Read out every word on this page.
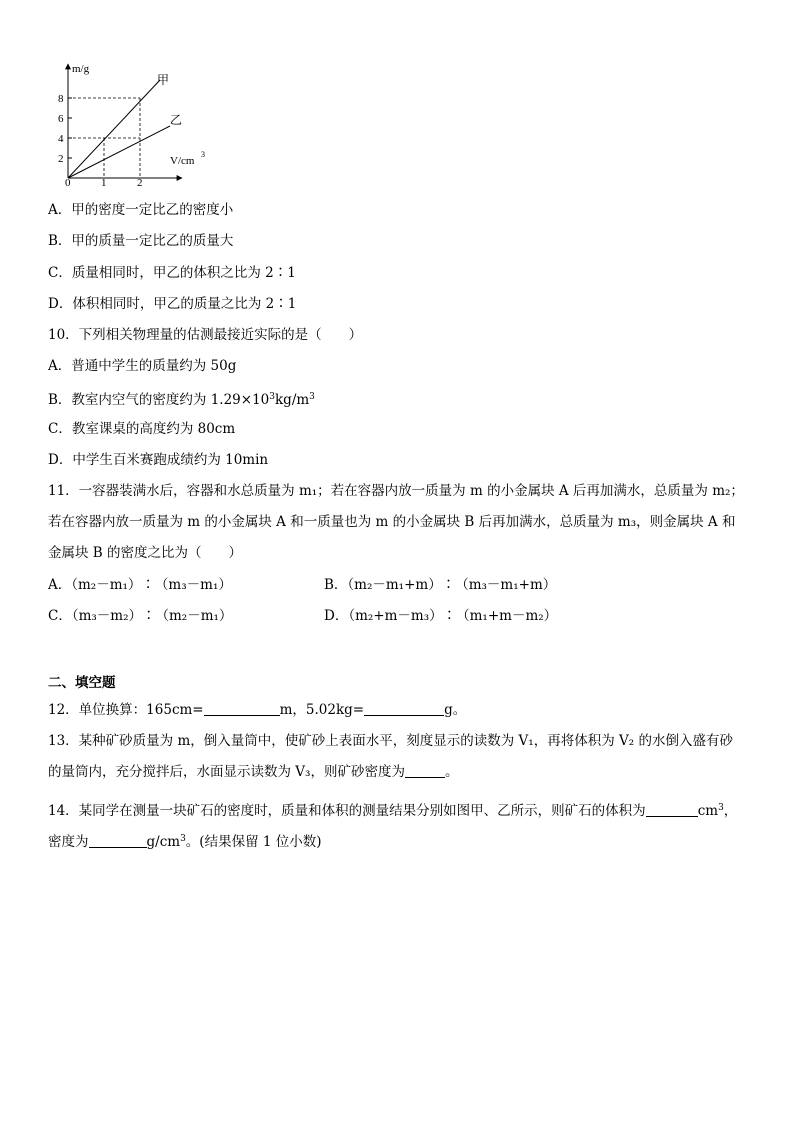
m/g
8
6
4
2
0	1	2
V/cm
3
甲
乙
A．甲的密度一定比乙的密度小
B．甲的质量一定比乙的质量大
C．质量相同时，甲乙的体积之比为 2∶1
D．体积相同时，甲乙的质量之比为 2∶1
10．下列相关物理量的估测最接近实际的是（　　）
A．普通中学生的质量约为 50g
B．教室内空气的密度约为 $1.29\times 10^3kg/m^3$
C．教室课桌的高度约为 80cm
D．中学生百米赛跑成绩约为 10min
11．一容器装满水后，容器和水总质量为 m₁；若在容器内放一质量为 m 的小金属块 A 后再加满水，总质量为 m₂；
若在容器内放一质量为 m 的小金属块 A 和一质量也为 m 的小金属块 B 后再加满水，总质量为 m₃，则金属块 A 和
金属块 B 的密度之比为（　　）
A．（m₂－m₁）∶（m₃－m₁）	B．（m₂－m₁+m）∶（m₃－m₁+m）
C．（m₃－m₂）∶（m₂－m₁）	D．（m₂+m－m₃）∶（m₁+m－m₂）
二、填空题
12．单位换算：165cm=	m，5.02kg=	g。
13．某种矿砂质量为 m，倒入量筒中，使矿砂上表面水平，刻度显示的读数为 V₁，再将体积为 V₂ 的水倒入盛有砂
的量筒内，充分搅拌后，水面显示读数为 V₃，则矿砂密度为	。
14．某同学在测量一块矿石的密度时，质量和体积的测量结果分别如图甲、乙所示，则矿石的体积为	$cm^3$，
密度为	$g/cm^3$。(结果保留 1 位小数)
